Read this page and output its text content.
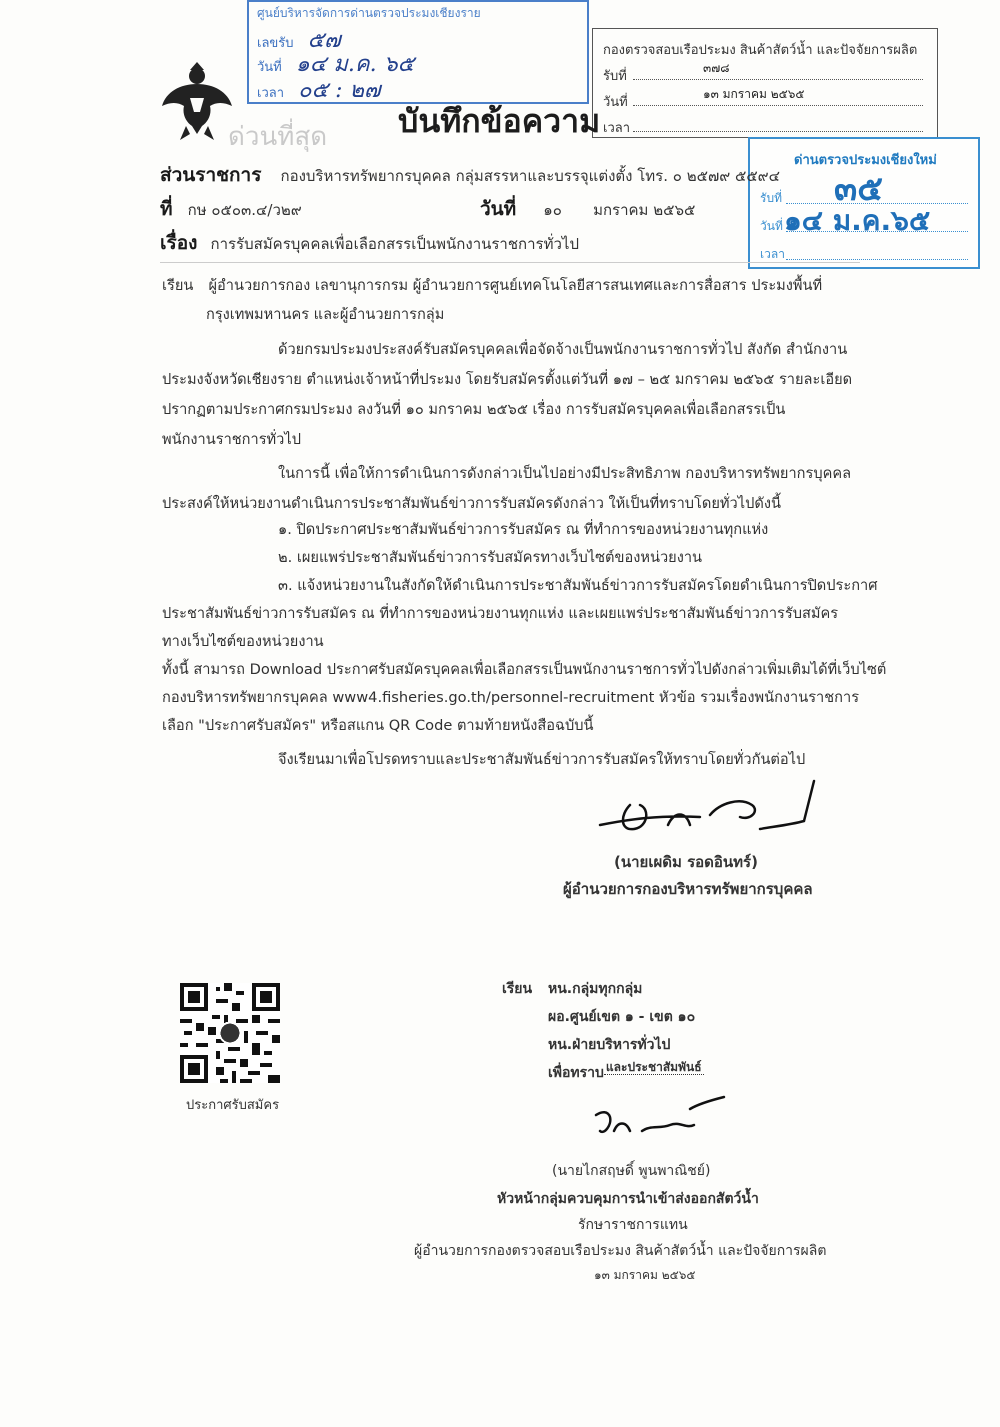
ศูนย์บริหารจัดการด่านตรวจประมงเชียงราย
เลขรับ ๕๗
วันที่ ๑๔ ม.ค. ๖๕
เวลา ๐๕ : ๒๗
กองตรวจสอบเรือประมง สินค้าสัตว์น้ำ และปัจจัยการผลิต
รับที่
๓๗๘
วันที่
๑๓ มกราคม ๒๕๖๕
เวลา
ด่านตรวจประมงเชียงใหม่
รับที่ ๓๕
วันที่ ๑๔ ม.ค.๖๕
เวลา
ด่วนที่สุด บันทึกข้อความ
ส่วนราชการ กองบริหารทรัพยากรบุคคล กลุ่มสรรหาและบรรจุแต่งตั้ง โทร. ๐ ๒๕๗๙ ๕๕๙๔
ที่ กษ ๐๕๐๓.๔/ว๒๙	วันที่ ๑๐ มกราคม ๒๕๖๕
เรื่อง การรับสมัครบุคคลเพื่อเลือกสรรเป็นพนักงานราชการทั่วไป
เรียน ผู้อำนวยการกอง เลขานุการกรม ผู้อำนวยการศูนย์เทคโนโลยีสารสนเทศและการสื่อสาร ประมงพื้นที่
กรุงเทพมหานคร และผู้อำนวยการกลุ่ม
ด้วยกรมประมงประสงค์รับสมัครบุคคลเพื่อจัดจ้างเป็นพนักงานราชการทั่วไป สังกัด สำนักงาน
ประมงจังหวัดเชียงราย ตำแหน่งเจ้าหน้าที่ประมง โดยรับสมัครตั้งแต่วันที่ ๑๗ – ๒๕ มกราคม ๒๕๖๕ รายละเอียด
ปรากฏตามประกาศกรมประมง ลงวันที่ ๑๐ มกราคม ๒๕๖๕ เรื่อง การรับสมัครบุคคลเพื่อเลือกสรรเป็น
พนักงานราชการทั่วไป
ในการนี้ เพื่อให้การดำเนินการดังกล่าวเป็นไปอย่างมีประสิทธิภาพ กองบริหารทรัพยากรบุคคล
ประสงค์ให้หน่วยงานดำเนินการประชาสัมพันธ์ข่าวการรับสมัครดังกล่าว ให้เป็นที่ทราบโดยทั่วไปดังนี้
๑. ปิดประกาศประชาสัมพันธ์ข่าวการรับสมัคร ณ ที่ทำการของหน่วยงานทุกแห่ง
๒. เผยแพร่ประชาสัมพันธ์ข่าวการรับสมัครทางเว็บไซต์ของหน่วยงาน
๓. แจ้งหน่วยงานในสังกัดให้ดำเนินการประชาสัมพันธ์ข่าวการรับสมัครโดยดำเนินการปิดประกาศ
ประชาสัมพันธ์ข่าวการรับสมัคร ณ ที่ทำการของหน่วยงานทุกแห่ง และเผยแพร่ประชาสัมพันธ์ข่าวการรับสมัคร
ทางเว็บไซต์ของหน่วยงาน
ทั้งนี้ สามารถ Download ประกาศรับสมัครบุคคลเพื่อเลือกสรรเป็นพนักงานราชการทั่วไปดังกล่าวเพิ่มเติมได้ที่เว็บไซต์
กองบริหารทรัพยากรบุคคล www4.fisheries.go.th/personnel-recruitment หัวข้อ รวมเรื่องพนักงานราชการ
เลือก "ประกาศรับสมัคร" หรือสแกน QR Code ตามท้ายหนังสือฉบับนี้
จึงเรียนมาเพื่อโปรดทราบและประชาสัมพันธ์ข่าวการรับสมัครให้ทราบโดยทั่วกันต่อไป
(นายเผดิม รอดอินทร์)
ผู้อำนวยการกองบริหารทรัพยากรบุคคล
ประกาศรับสมัคร
เรียน หน.กลุ่มทุกกลุ่ม
ผอ.ศูนย์เขต ๑ - เขต ๑๐
หน.ฝ่ายบริหารทั่วไป
เพื่อทราบ $^{และประชาสัมพันธ์}$
(นายไกสฤษดิ์ พูนพาณิชย์)
หัวหน้ากลุ่มควบคุมการนำเข้าส่งออกสัตว์น้ำ
รักษาราชการแทน
ผู้อำนวยการกองตรวจสอบเรือประมง สินค้าสัตว์น้ำ และปัจจัยการผลิต
๑๓ มกราคม ๒๕๖๕
